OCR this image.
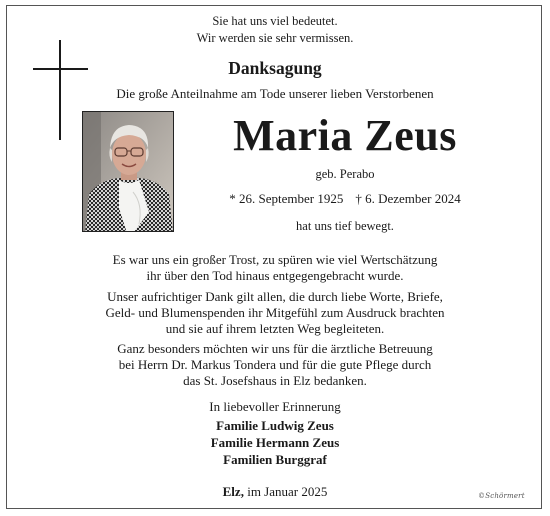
Sie hat uns viel bedeutet.
Wir werden sie sehr vermissen.
Danksagung
Die große Anteilnahme am Tode unserer lieben Verstorbenen
Maria Zeus
geb. Perabo
* 26. September 1925 † 6. Dezember 2024
hat uns tief bewegt.
Es war uns ein großer Trost, zu spüren wie viel Wertschätzung
ihr über den Tod hinaus entgegengebracht wurde.
Unser aufrichtiger Dank gilt allen, die durch liebe Worte, Briefe,
Geld- und Blumenspenden ihr Mitgefühl zum Ausdruck brachten
und sie auf ihrem letzten Weg begleiteten.
Ganz besonders möchten wir uns für die ärztliche Betreuung
bei Herrn Dr. Markus Tondera und für die gute Pflege durch
das St. Josefshaus in Elz bedanken.
In liebevoller Erinnerung
Familie Ludwig Zeus
Familie Hermann Zeus
Familien Burggraf
Elz, im Januar 2025	©Schörmert
